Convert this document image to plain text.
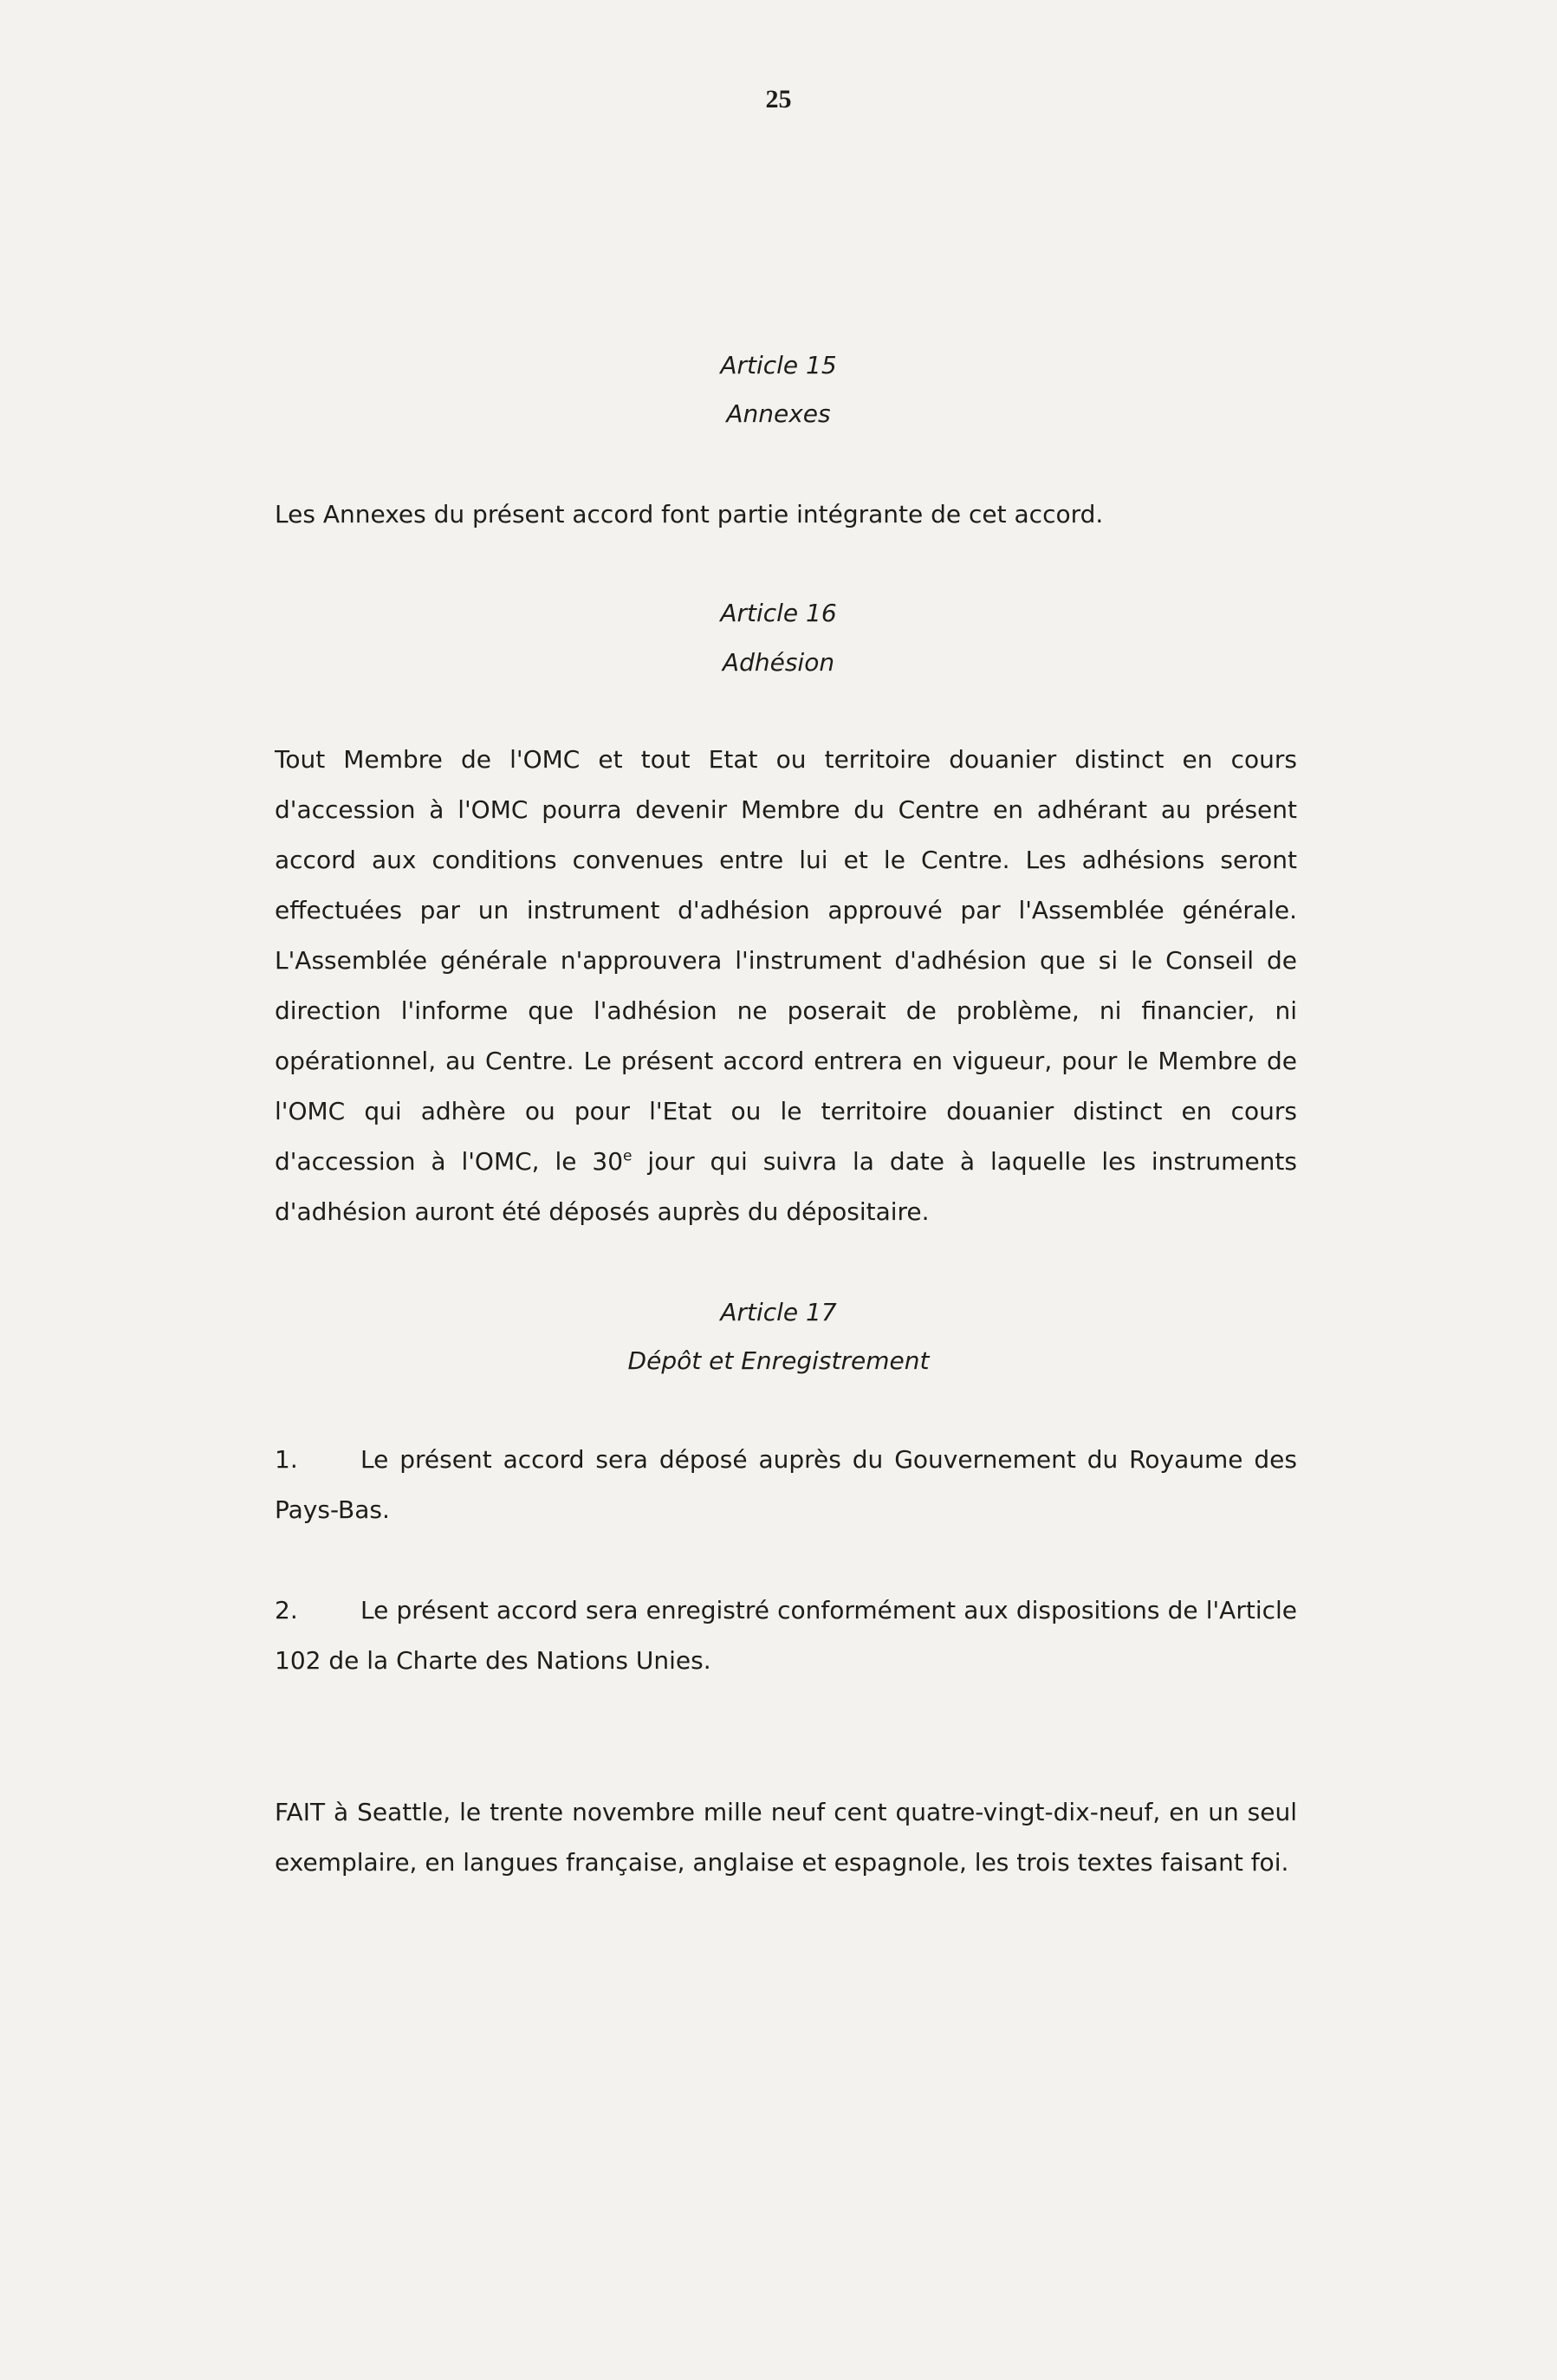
25
Article 15
Annexes

Les Annexes du présent accord font partie intégrante de cet accord.

Article 16
Adhésion

Tout Membre de l'OMC et tout Etat ou territoire douanier distinct en cours d'accession à l'OMC pourra devenir Membre du Centre en adhérant au présent accord aux conditions convenues entre lui et le Centre. Les adhésions seront effectuées par un instrument d'adhésion approuvé par l'Assemblée générale. L'Assemblée générale n'approuvera l'instrument d'adhésion que si le Conseil de direction l'informe que l'adhésion ne poserait de problème, ni financier, ni opérationnel, au Centre. Le présent accord entrera en vigueur, pour le Membre de l'OMC qui adhère ou pour l'Etat ou le territoire douanier distinct en cours d'accession à l'OMC, le 30e jour qui suivra la date à laquelle les instruments d'adhésion auront été déposés auprès du dépositaire.

Article 17
Dépôt et Enregistrement

1.	Le présent accord sera déposé auprès du Gouvernement du Royaume des Pays-Bas.

2.	Le présent accord sera enregistré conformément aux dispositions de l'Article 102 de la Charte des Nations Unies.

FAIT à Seattle, le trente novembre mille neuf cent quatre-vingt-dix-neuf, en un seul exemplaire, en langues française, anglaise et espagnole, les trois textes faisant foi.
